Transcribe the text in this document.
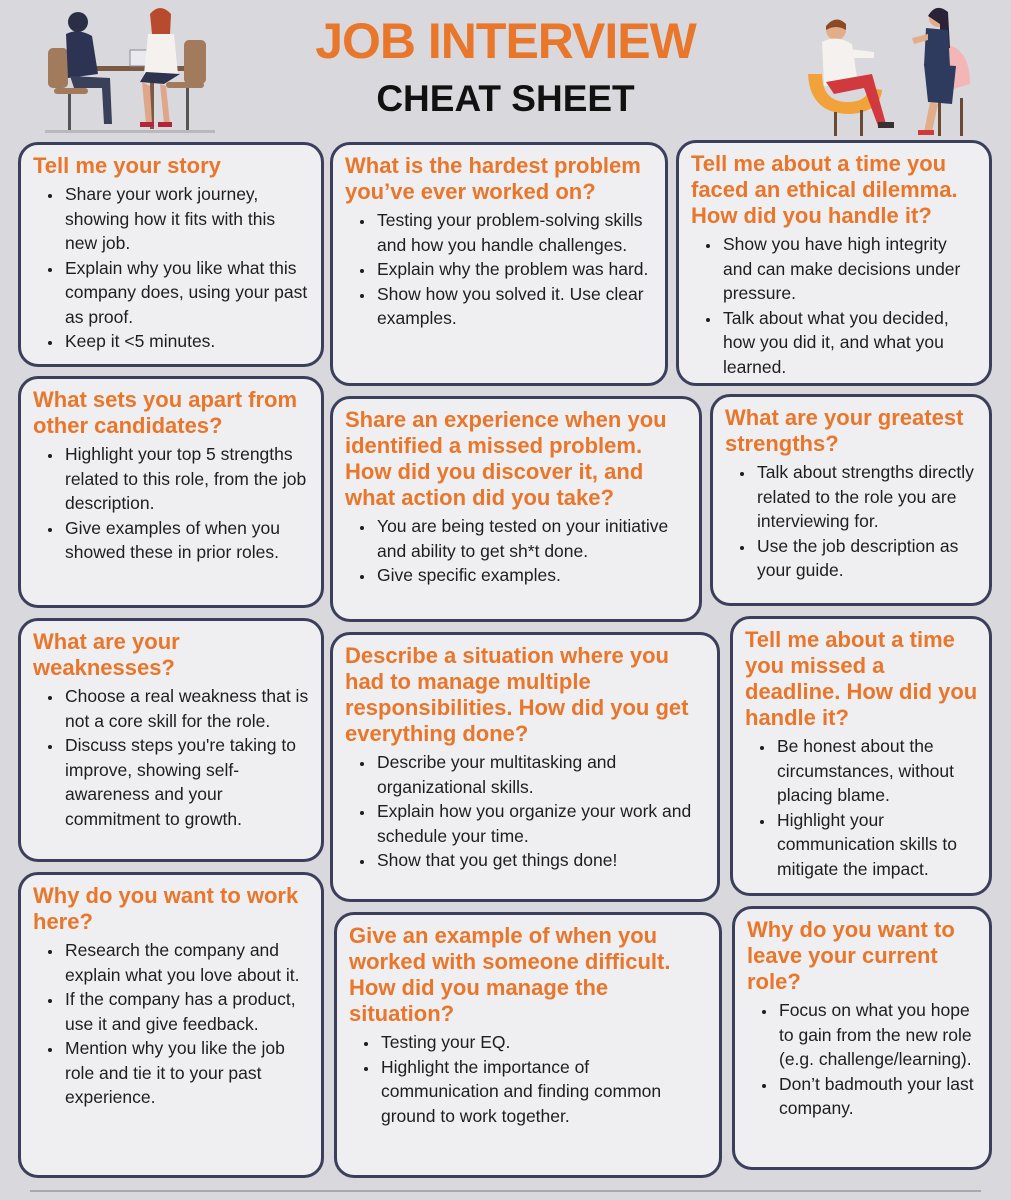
JOB INTERVIEW
CHEAT SHEET
Tell me your story
• Share your work journey, showing how it fits with this new job.
• Explain why you like what this company does, using your past as proof.
• Keep it <5 minutes.
What is the hardest problem you’ve ever worked on?
• Testing your problem-solving skills and how you handle challenges.
• Explain why the problem was hard.
• Show how you solved it. Use clear examples.
Tell me about a time you faced an ethical dilemma. How did you handle it?
• Show you have high integrity and can make decisions under pressure.
• Talk about what you decided, how you did it, and what you learned.
What sets you apart from other candidates?
• Highlight your top 5 strengths related to this role, from the job description.
• Give examples of when you showed these in prior roles.
Share an experience when you identified a missed problem. How did you discover it, and what action did you take?
• You are being tested on your initiative and ability to get sh*t done.
• Give specific examples.
What are your greatest strengths?
• Talk about strengths directly related to the role you are interviewing for.
• Use the job description as your guide.
What are your weaknesses?
• Choose a real weakness that is not a core skill for the role.
• Discuss steps you're taking to improve, showing self-awareness and your commitment to growth.
Describe a situation where you had to manage multiple responsibilities. How did you get everything done?
• Describe your multitasking and organizational skills.
• Explain how you organize your work and schedule your time.
• Show that you get things done!
Tell me about a time you missed a deadline. How did you handle it?
• Be honest about the circumstances, without placing blame.
• Highlight your communication skills to mitigate the impact.
Why do you want to work here?
• Research the company and explain what you love about it.
• If the company has a product, use it and give feedback.
• Mention why you like the job role and tie it to your past experience.
Give an example of when you worked with someone difficult. How did you manage the situation?
• Testing your EQ.
• Highlight the importance of communication and finding common ground to work together.
Why do you want to leave your current role?
• Focus on what you hope to gain from the new role (e.g. challenge/learning).
• Don’t badmouth your last company.
